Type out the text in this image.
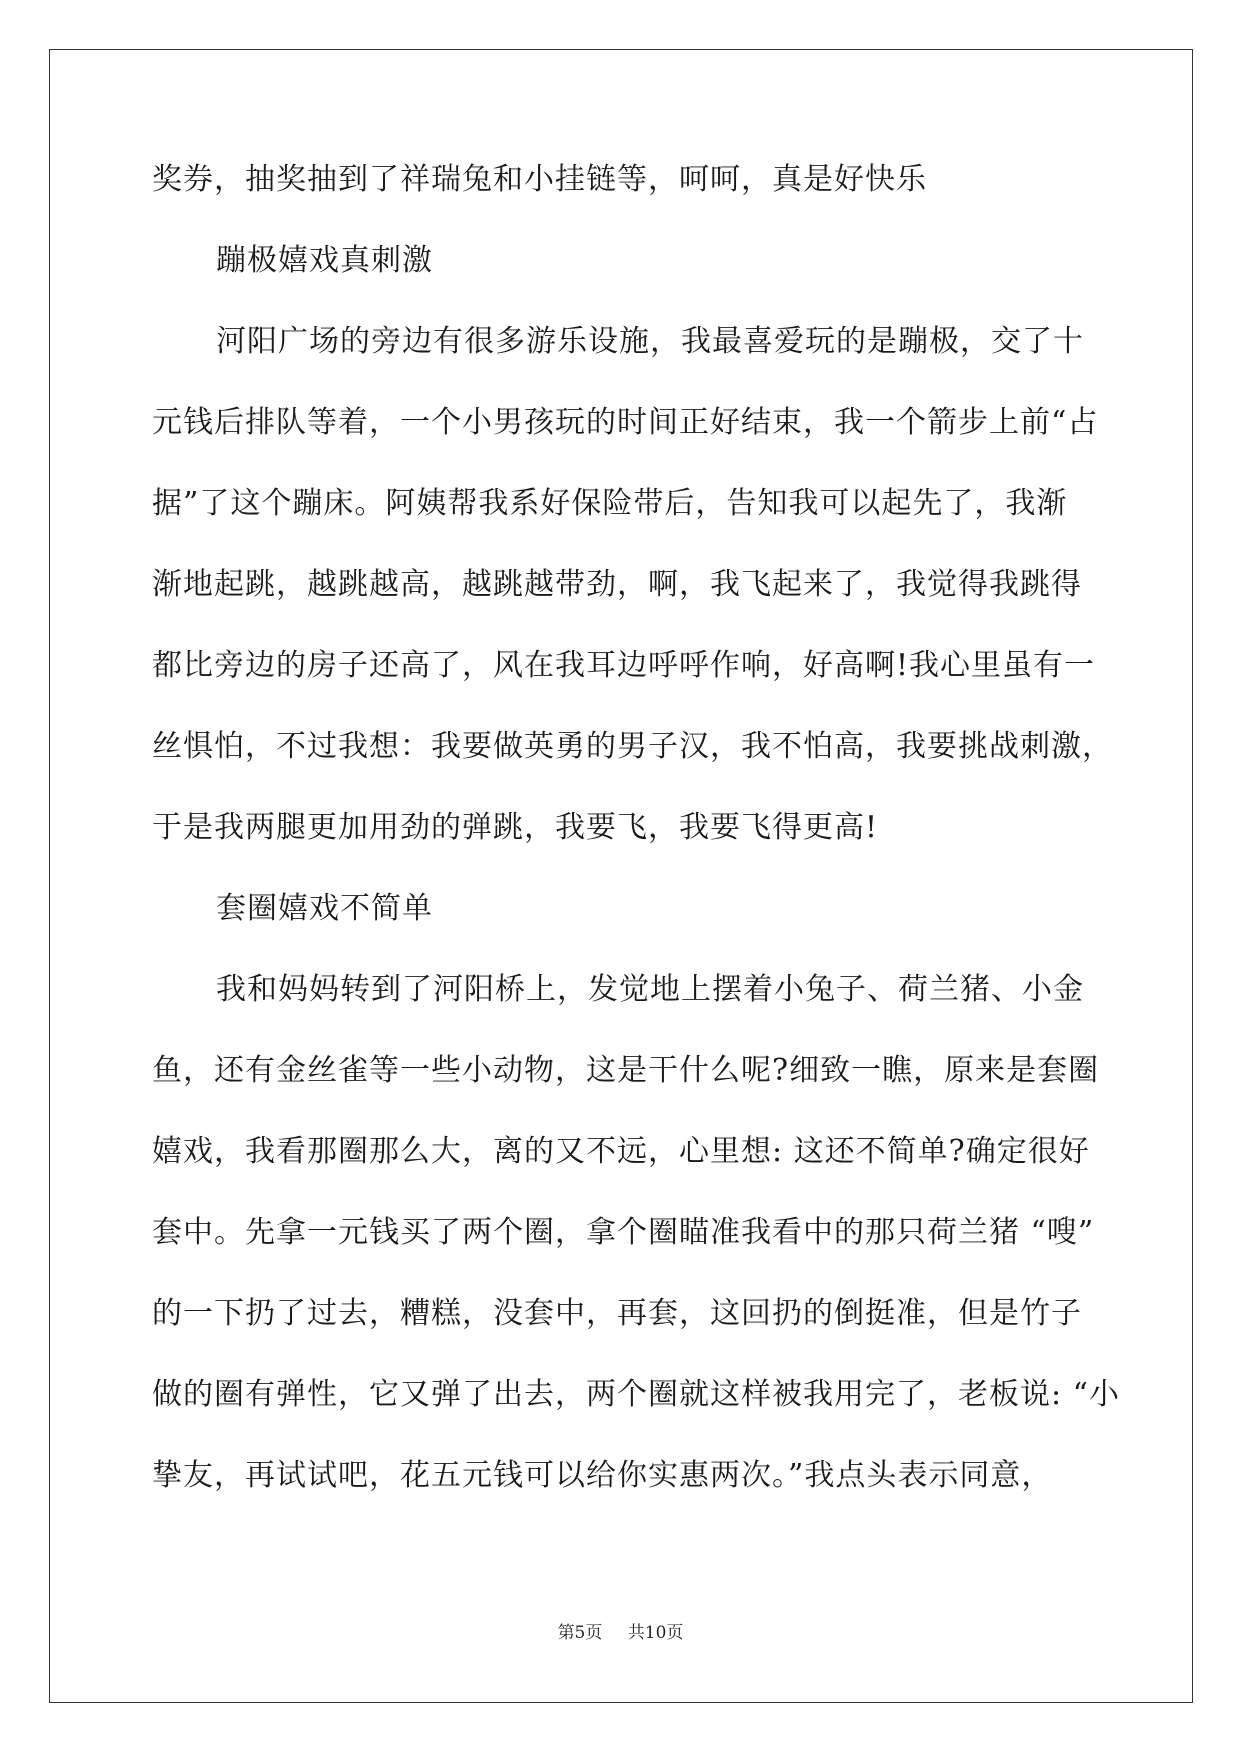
奖券，抽奖抽到了祥瑞兔和小挂链等，呵呵，真是好快乐
蹦极嬉戏真刺激
河阳广场的旁边有很多游乐设施，我最喜爱玩的是蹦极，交了十
元钱后排队等着，一个小男孩玩的时间正好结束，我一个箭步上前“占
据”了这个蹦床。阿姨帮我系好保险带后，告知我可以起先了，我渐
渐地起跳，越跳越高，越跳越带劲，啊，我飞起来了，我觉得我跳得
都比旁边的房子还高了，风在我耳边呼呼作响，好高啊!我心里虽有一
丝惧怕，不过我想：我要做英勇的男子汉，我不怕高，我要挑战刺激，
于是我两腿更加用劲的弹跳，我要飞，我要飞得更高!
套圈嬉戏不简单
我和妈妈转到了河阳桥上，发觉地上摆着小兔子、荷兰猪、小金
鱼，还有金丝雀等一些小动物，这是干什么呢?细致一瞧，原来是套圈
嬉戏，我看那圈那么大，离的又不远，心里想: 这还不简单?确定很好
套中。先拿一元钱买了两个圈，拿个圈瞄准我看中的那只荷兰猪 “嗖”
的一下扔了过去，糟糕，没套中，再套，这回扔的倒挺准，但是竹子
做的圈有弹性，它又弹了出去，两个圈就这样被我用完了，老板说: “小
挚友，再试试吧，花五元钱可以给你实惠两次。”我点头表示同意，
第5页 共10页
